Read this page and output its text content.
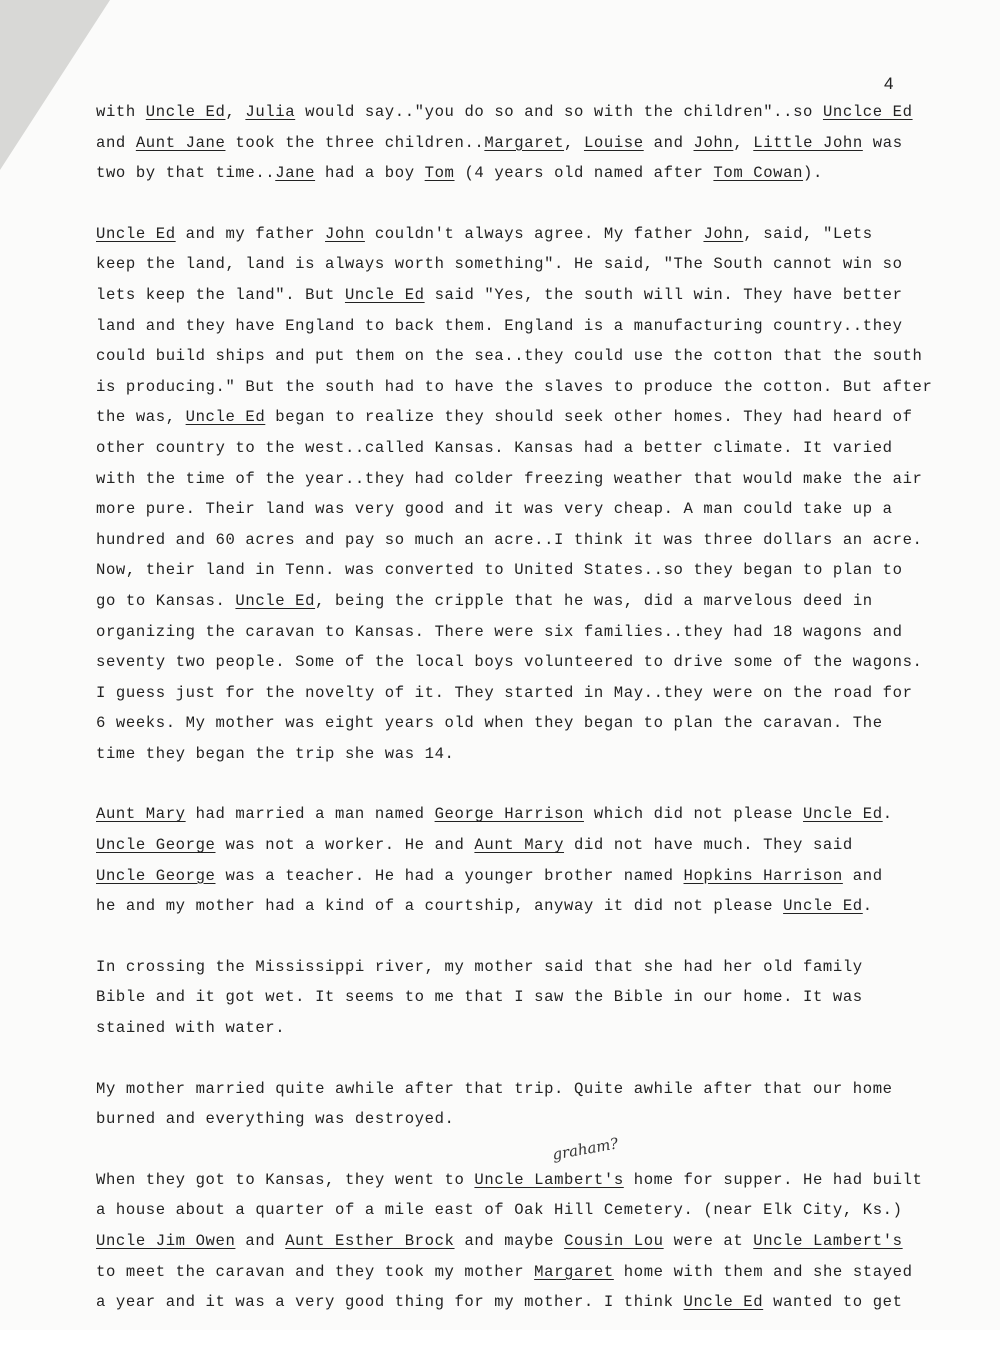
4
graham?
with Uncle Ed, Julia would say.."you do so and so with the children"..so Unclce Ed
and Aunt Jane took the three children..Margaret, Louise and John, Little John was
two by that time..Jane had a boy Tom (4 years old named after Tom Cowan).
Uncle Ed and my father John couldn't always agree. My father John, said, "Lets
keep the land, land is always worth something". He said, "The South cannot win so
lets keep the land". But Uncle Ed said "Yes, the south will win. They have better
land and they have England to back them. England is a manufacturing country..they
could build ships and put them on the sea..they could use the cotton that the south
is producing." But the south had to have the slaves to produce the cotton. But after
the was, Uncle Ed began to realize they should seek other homes. They had heard of
other country to the west..called Kansas. Kansas had a better climate. It varied
with the time of the year..they had colder freezing weather that would make the air
more pure. Their land was very good and it was very cheap. A man could take up a
hundred and 60 acres and pay so much an acre..I think it was three dollars an acre.
Now, their land in Tenn. was converted to United States..so they began to plan to
go to Kansas. Uncle Ed, being the cripple that he was, did a marvelous deed in
organizing the caravan to Kansas. There were six families..they had 18 wagons and
seventy two people. Some of the local boys volunteered to drive some of the wagons.
I guess just for the novelty of it. They started in May..they were on the road for
6 weeks. My mother was eight years old when they began to plan the caravan. The
time they began the trip she was 14.
Aunt Mary had married a man named George Harrison which did not please Uncle Ed.
Uncle George was not a worker. He and Aunt Mary did not have much. They said
Uncle George was a teacher. He had a younger brother named Hopkins Harrison and
he and my mother had a kind of a courtship, anyway it did not please Uncle Ed.
In crossing the Mississippi river, my mother said that she had her old family
Bible and it got wet. It seems to me that I saw the Bible in our home. It was
stained with water.
My mother married quite awhile after that trip. Quite awhile after that our home
burned and everything was destroyed.
When they got to Kansas, they went to Uncle Lambert's home for supper. He had built
a house about a quarter of a mile east of Oak Hill Cemetery. (near Elk City, Ks.)
Uncle Jim Owen and Aunt Esther Brock and maybe Cousin Lou were at Uncle Lambert's
to meet the caravan and they took my mother Margaret home with them and she stayed
a year and it was a very good thing for my mother. I think Uncle Ed wanted to get
